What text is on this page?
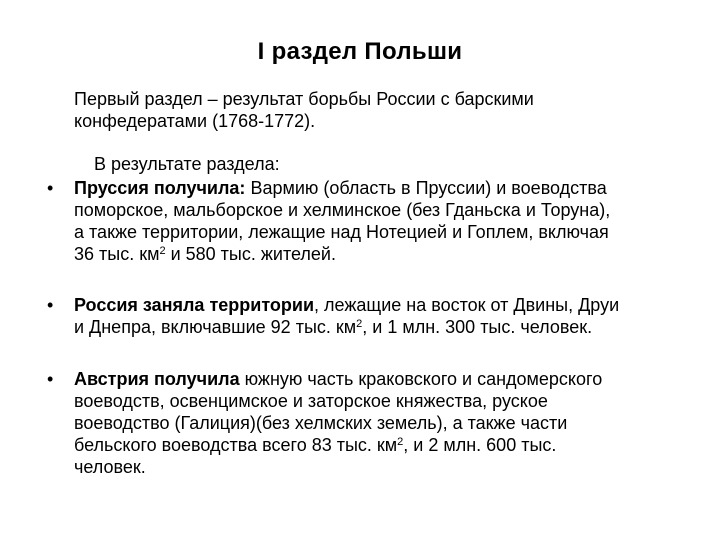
I раздел Польши
Первый раздел – результат борьбы России с барскими
конфедератами (1768-1772).
В результате раздела:
• Пруссия получила: Вармию (область в Пруссии) и воеводства
поморское, мальборское и хелминское (без Гданьска и Торуна),
а также территории, лежащие над Нотецией и Гоплем, включая
36 тыс. $км^2$ и 580 тыс. жителей.
• Россия заняла территории, лежащие на восток от Двины, Друи
и Днепра, включавшие 92 тыс. $км^2$, и 1 млн. 300 тыс. человек.
• Австрия получила южную часть краковского и сандомерского
воеводств, освенцимское и заторское княжества, руское
воеводство (Галиция)(без хелмских земель), а также части
бельского воеводства всего 83 тыс. $км^2$, и 2 млн. 600 тыс.
человек.
